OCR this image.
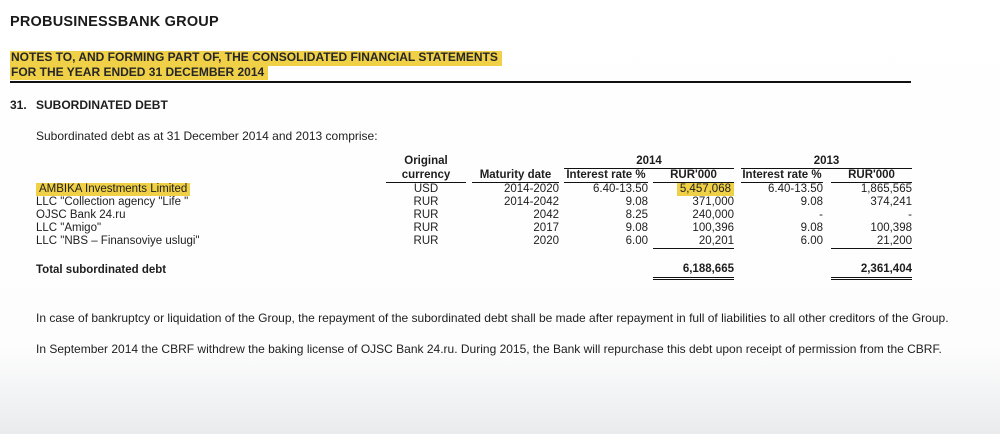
PROBUSINESSBANK GROUP
NOTES TO, AND FORMING PART OF, THE CONSOLIDATED FINANCIAL STATEMENTS
FOR THE YEAR ENDED 31 DECEMBER 2014
31. SUBORDINATED DEBT
Subordinated debt as at 31 December 2014 and 2013 comprise:
	Original				2014				2013		
	currency		Maturity date		Interest rate %		RUR'000		Interest rate %		RUR'000
AMBIKA Investments Limited	USD		2014-2020		6.40-13.50		5,457,068		6.40-13.50		1,865,565
LLC "Collection agency "Life "	RUR		2014-2042		9.08		371,000		9.08		374,241
OJSC Bank 24.ru	RUR		2042		8.25		240,000		-		-
LLC "Amigo"	RUR		2017		9.08		100,396		9.08		100,398
LLC "NBS – Finansoviye uslugi"	RUR		2020		6.00		20,201		6.00		21,200

Total subordinated debt							6,188,665				2,361,404
In case of bankruptcy or liquidation of the Group, the repayment of the subordinated debt shall be made after repayment in full of liabilities to all other creditors of the Group.
In September 2014 the CBRF withdrew the baking license of OJSC Bank 24.ru. During 2015, the Bank will repurchase this debt upon receipt of permission from the CBRF.
